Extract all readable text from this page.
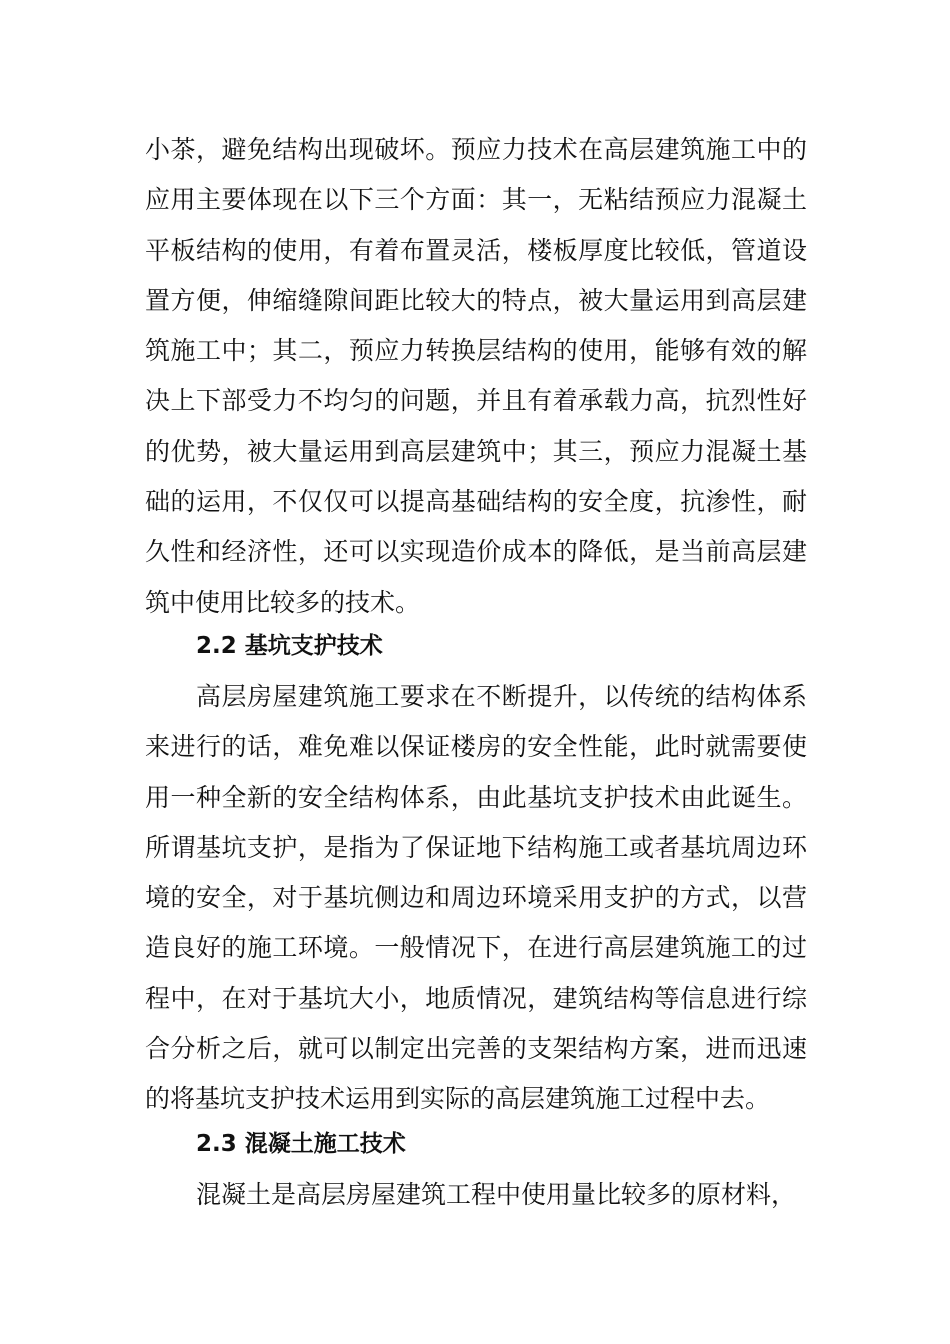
小茶，避免结构出现破坏。预应力技术在高层建筑施工中的应用主要体现在以下三个方面：其一，无粘结预应力混凝土平板结构的使用，有着布置灵活，楼板厚度比较低，管道设置方便，伸缩缝隙间距比较大的特点，被大量运用到高层建筑施工中；其二，预应力转换层结构的使用，能够有效的解决上下部受力不均匀的问题，并且有着承载力高，抗烈性好的优势，被大量运用到高层建筑中；其三，预应力混凝土基础的运用，不仅仅可以提高基础结构的安全度，抗渗性，耐久性和经济性，还可以实现造价成本的降低，是当前高层建筑中使用比较多的技术。

2.2 基坑支护技术

高层房屋建筑施工要求在不断提升，以传统的结构体系来进行的话，难免难以保证楼房的安全性能，此时就需要使用一种全新的安全结构体系，由此基坑支护技术由此诞生。所谓基坑支护，是指为了保证地下结构施工或者基坑周边环境的安全，对于基坑侧边和周边环境采用支护的方式，以营造良好的施工环境。一般情况下，在进行高层建筑施工的过程中，在对于基坑大小，地质情况，建筑结构等信息进行综合分析之后，就可以制定出完善的支架结构方案，进而迅速的将基坑支护技术运用到实际的高层建筑施工过程中去。

2.3 混凝土施工技术

混凝土是高层房屋建筑工程中使用量比较多的原材料，
